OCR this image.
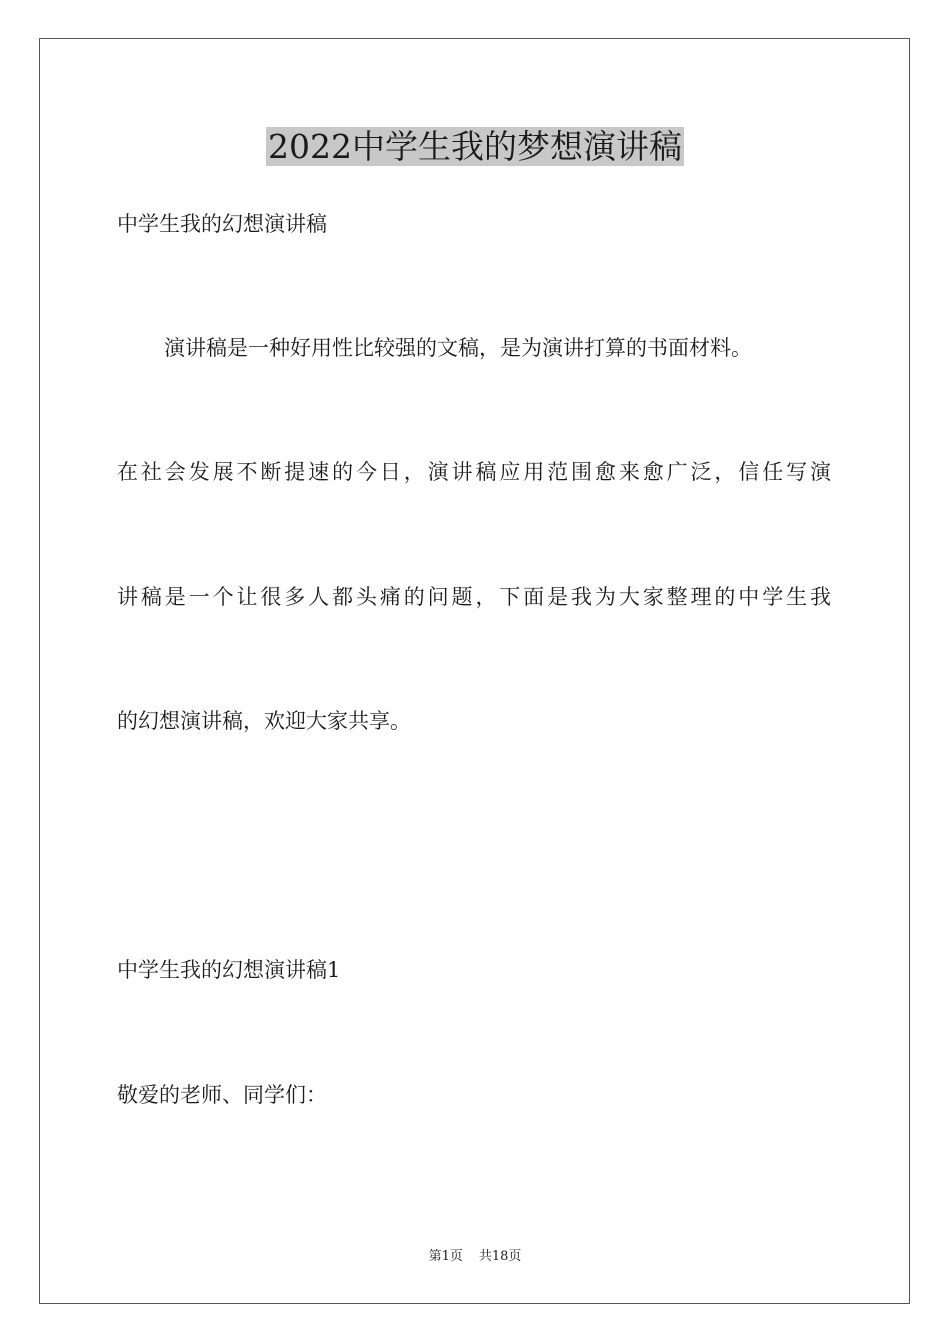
2022中学生我的梦想演讲稿

中学生我的幻想演讲稿

演讲稿是一种好用性比较强的文稿，是为演讲打算的书面材料。

在社会发展不断提速的今日，演讲稿应用范围愈来愈广泛，信任写演

讲稿是一个让很多人都头痛的问题，下面是我为大家整理的中学生我

的幻想演讲稿，欢迎大家共享。

中学生我的幻想演讲稿1

敬爱的老师、同学们：

第1页 共18页
